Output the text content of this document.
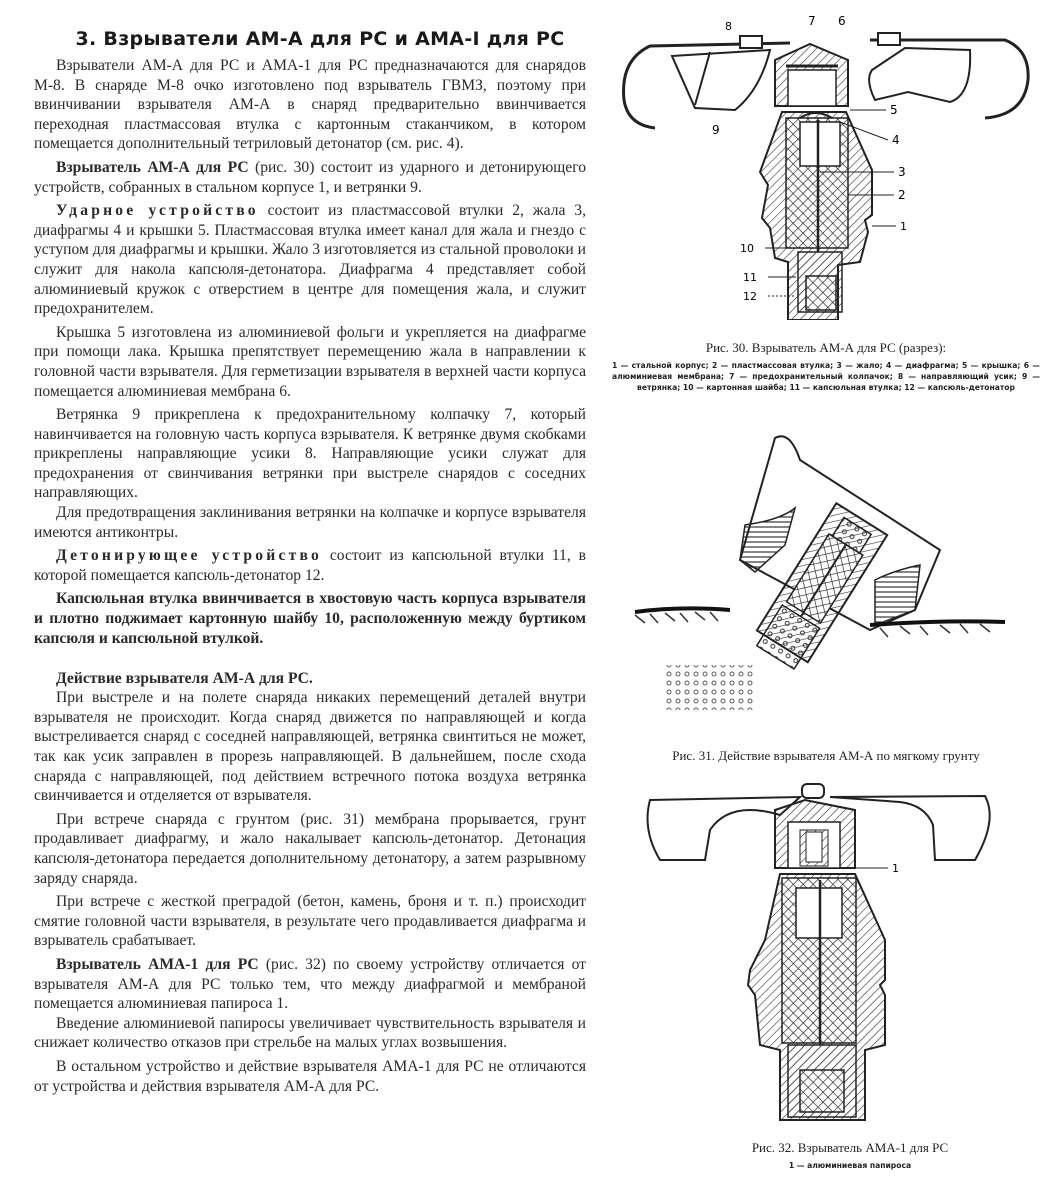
3. Взрыватели АМ-А для РС и АМА-I для РС

Взрыватели АМ-А для РС и АМА-1 для РС предназначаются для снарядов М-8. В снаряде М-8 очко изготовлено под взрыватель ГВМЗ, поэтому при ввинчивании взрывателя АМ-А в снаряд предварительно ввинчивается переходная пластмассовая втулка с картонным стаканчиком, в котором помещается дополнительный тетриловый детонатор (см. рис. 4).

Взрыватель АМ-А для РС (рис. 30) состоит из ударного и детонирующего устройств, собранных в стальном корпусе 1, и ветрянки 9.

Ударное устройство состоит из пластмассовой втулки 2, жала 3, диафрагмы 4 и крышки 5. Пластмассовая втулка имеет канал для жала и гнездо с уступом для диафрагмы и крышки. Жало 3 изготовляется из стальной проволоки и служит для накола капсюля-детонатора. Диафрагма 4 представляет собой алюминиевый кружок с отверстием в центре для помещения жала, и служит предохранителем.

Крышка 5 изготовлена из алюминиевой фольги и укрепляется на диафрагме при помощи лака. Крышка препятствует перемещению жала в направлении к головной части взрывателя. Для герметизации взрывателя в верхней части корпуса помещается алюминиевая мембрана 6.

Ветрянка 9 прикреплена к предохранительному колпачку 7, который навинчивается на головную часть корпуса взрывателя. К ветрянке двумя скобками прикреплены направляющие усики 8. Направляющие усики служат для предохранения от свинчивания ветрянки при выстреле снарядов с соседних направляющих.

Для предотвращения заклинивания ветрянки на колпачке и корпусе взрывателя имеются антиконтры.

Детонирующее устройство состоит из капсюльной втулки 11, в которой помещается капсюль-детонатор 12.

Капсюльная втулка ввинчивается в хвостовую часть корпуса взрывателя и плотно поджимает картонную шайбу 10, расположенную между буртиком капсюля и капсюльной втулкой.

Действие взрывателя АМ-А для РС.

При выстреле и на полете снаряда никаких перемещений деталей внутри взрывателя не происходит. Когда снаряд движется по направляющей и когда выстреливается снаряд с соседней направляющей, ветрянка свинтиться не может, так как усик заправлен в прорезь направляющей. В дальнейшем, после схода снаряда с направляющей, под действием встречного потока воздуха ветрянка свинчивается и отделяется от взрывателя.

При встрече снаряда с грунтом (рис. 31) мембрана прорывается, грунт продавливает диафрагму, и жало накалывает капсюль-детонатор. Детонация капсюля-детонатора передается дополнительному детонатору, а затем разрывному заряду снаряда.

При встрече с жесткой преградой (бетон, камень, броня и т. п.) происходит смятие головной части взрывателя, в результате чего продавливается диафрагма и взрыватель срабатывает.

Взрыватель АМА-1 для РС (рис. 32) по своему устройству отличается от взрывателя АМ-А для РС только тем, что между диафрагмой и мембраной помещается алюминиевая папироса 1.

Введение алюминиевой папиросы увеличивает чувствительность взрывателя и снижает количество отказов при стрельбе на малых углах возвышения.

В остальном устройство и действие взрывателя АМА-1 для РС не отличаются от устройства и действия взрывателя АМ-А для РС.

8	7 6
9
5
4
3
2
1
10
11
12
Рис. 30. Взрыватель АМ-А для РС (разрез):
1 — стальной корпус; 2 — пластмассовая втулка; 3 — жало; 4 — диафрагма; 5 — крышка; 6 — алюминиевая мембрана; 7 — предохранительный колпачок; 8 — направляющий усик; 9 — ветрянка; 10 — картонная шайба; 11 — капсюльная втулка; 12 — капсюль-детонатор
Рис. 31. Действие взрывателя АМ-А по мягкому грунту
1
Рис. 32. Взрыватель АМА-1 для РС
1 — алюминиевая папироса
